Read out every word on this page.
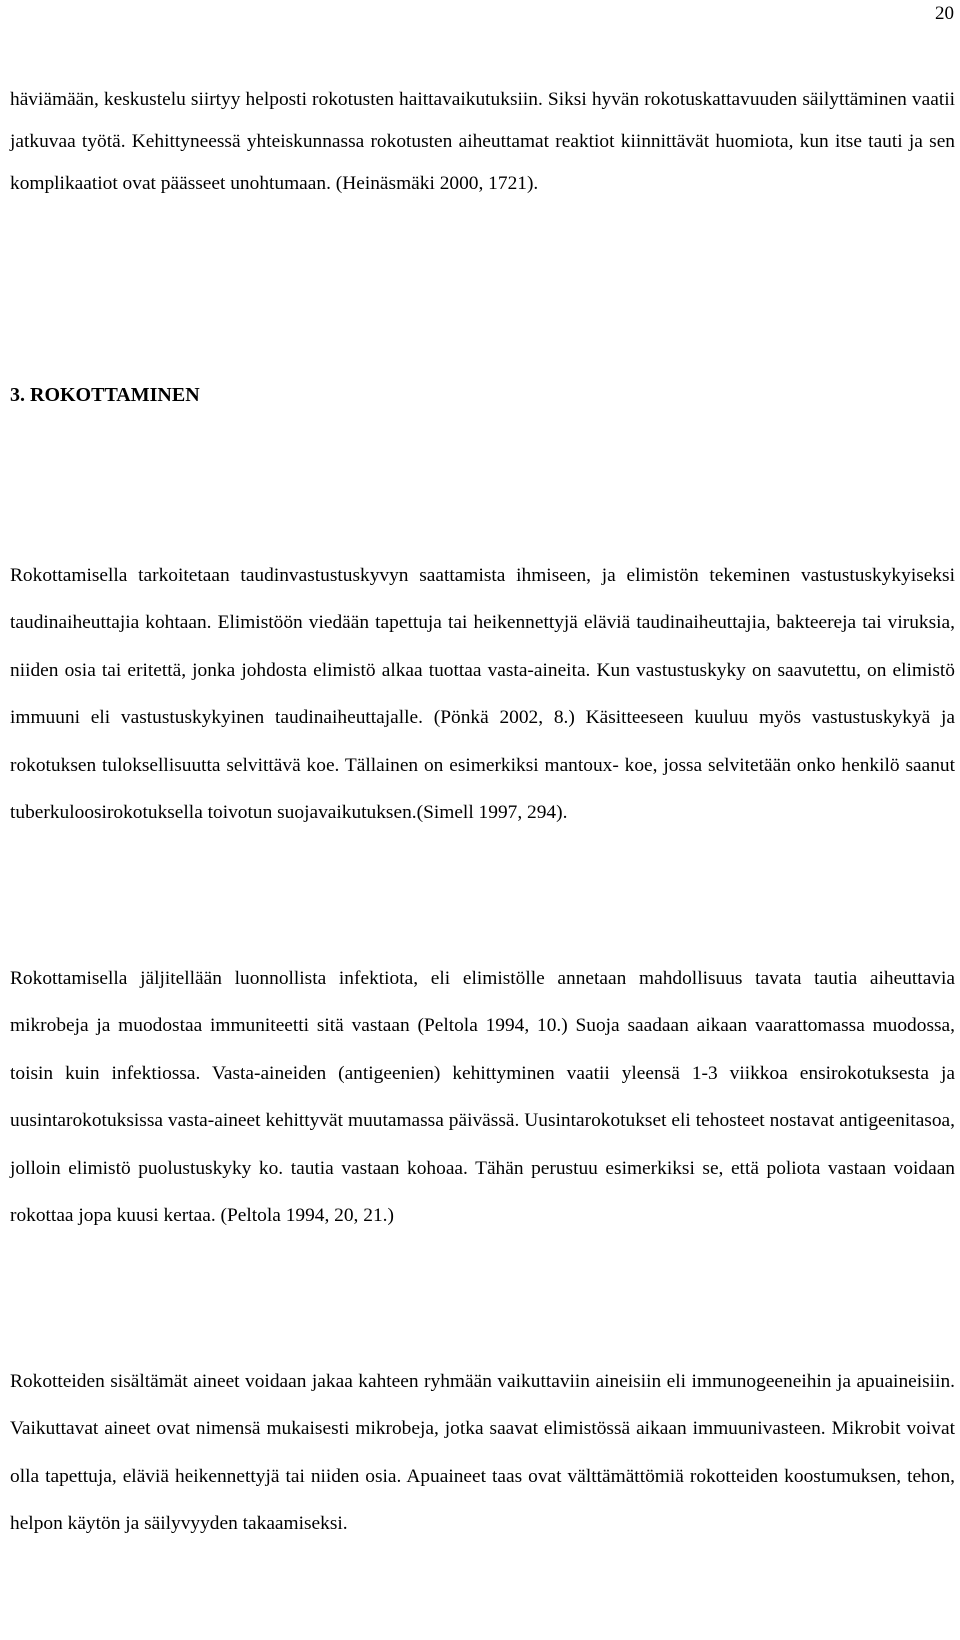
20

häviämään, keskustelu siirtyy helposti rokotusten haittavaikutuksiin. Siksi hyvän rokotuskattavuuden säilyttäminen vaatii jatkuvaa työtä. Kehittyneessä yhteiskunnassa rokotusten aiheuttamat reaktiot kiinnittävät huomiota, kun itse tauti ja sen komplikaatiot ovat päässeet unohtumaan. (Heinäsmäki 2000, 1721).

3. ROKOTTAMINEN

Rokottamisella tarkoitetaan taudinvastustuskyvyn saattamista ihmiseen, ja elimistön tekeminen vastustuskykyiseksi taudinaiheuttajia kohtaan. Elimistöön viedään tapettuja tai heikennettyjä eläviä taudinaiheuttajia, bakteereja tai viruksia, niiden osia tai eritettä, jonka johdosta elimistö alkaa tuottaa vasta-aineita. Kun vastustuskyky on saavutettu, on elimistö immuuni eli vastustuskykyinen taudinaiheuttajalle. (Pönkä 2002, 8.) Käsitteeseen kuuluu myös vastustuskykyä ja rokotuksen tuloksellisuutta selvittävä koe. Tällainen on esimerkiksi mantoux- koe, jossa selvitetään onko henkilö saanut tuberkuloosirokotuksella toivotun suojavaikutuksen.(Simell 1997, 294).

Rokottamisella jäljitellään luonnollista infektiota, eli elimistölle annetaan mahdollisuus tavata tautia aiheuttavia mikrobeja ja muodostaa immuniteetti sitä vastaan (Peltola 1994, 10.) Suoja saadaan aikaan vaarattomassa muodossa, toisin kuin infektiossa. Vasta-aineiden (antigeenien) kehittyminen vaatii yleensä 1-3 viikkoa ensirokotuksesta ja uusintarokotuksissa vasta-aineet kehittyvät muutamassa päivässä. Uusintarokotukset eli tehosteet nostavat antigeenitasoa, jolloin elimistö puolustuskyky ko. tautia vastaan kohoaa. Tähän perustuu esimerkiksi se, että poliota vastaan voidaan rokottaa jopa kuusi kertaa. (Peltola 1994, 20, 21.)

Rokotteiden sisältämät aineet voidaan jakaa kahteen ryhmään vaikuttaviin aineisiin eli immunogeeneihin ja apuaineisiin. Vaikuttavat aineet ovat nimensä mukaisesti mikrobeja, jotka saavat elimistössä aikaan immuunivasteen. Mikrobit voivat olla tapettuja, eläviä heikennettyjä tai niiden osia. Apuaineet taas ovat välttämättömiä rokotteiden koostumuksen, tehon, helpon käytön ja säilyvyyden takaamiseksi.
